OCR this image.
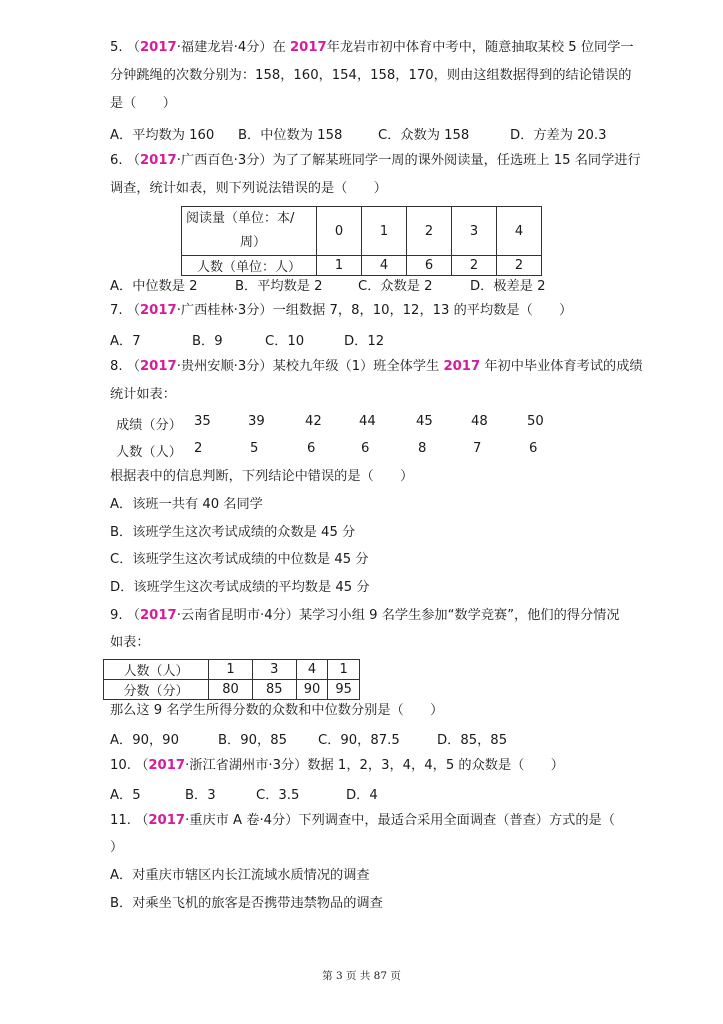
5. （2017·福建龙岩·4分）在 2017年龙岩市初中体育中考中，随意抽取某校 5 位同学一
分钟跳绳的次数分别为：158，160，154，158，170，则由这组数据得到的结论错误的
是（　　）
A．平均数为 160 B．中位数为 158	C．众数为 158	D．方差为 20.3
6. （2017·广西百色·3分）为了了解某班同学一周的课外阅读量，任选班上 15 名同学进行
调查，统计如表，则下列说法错误的是（　　）
阅读量（单位：本/
周）	0	1	2	3	4
人数（单位：人）	1	4	6	2	2
A．中位数是 2	B．平均数是 2	C．众数是 2	D．极差是 2
7. （2017·广西桂林·3分）一组数据 7，8，10，12，13 的平均数是（　　）
A．7	B．9	C．10	D．12
8. （2017·贵州安顺·3分）某校九年级（1）班全体学生 2017 年初中毕业体育考试的成绩
统计如表：
成绩（分） 35	39	42	44	45	48	50
人数（人） 2	5	6	6	8	7	6
根据表中的信息判断，下列结论中错误的是（　　）
A．该班一共有 40 名同学
B．该班学生这次考试成绩的众数是 45 分
C．该班学生这次考试成绩的中位数是 45 分
D．该班学生这次考试成绩的平均数是 45 分
9. （2017·云南省昆明市·4分）某学习小组 9 名学生参加“数学竞赛”，他们的得分情况
如表：
人数（人）	1	3	4	1
分数（分）	80	85	90	95
那么这 9 名学生所得分数的众数和中位数分别是（　　）
A．90，90	B．90，85 C．90，87.5	D．85，85
10. （2017·浙江省湖州市·3分）数据 1，2，3，4，4，5 的众数是（　　）
A．5	B．3	C．3.5	D．4
11. （2017·重庆市 A 卷·4分）下列调查中，最适合采用全面调查（普查）方式的是（
）
A．对重庆市辖区内长江流域水质情况的调查
B．对乘坐飞机的旅客是否携带违禁物品的调查
第 3 页 共 87 页
